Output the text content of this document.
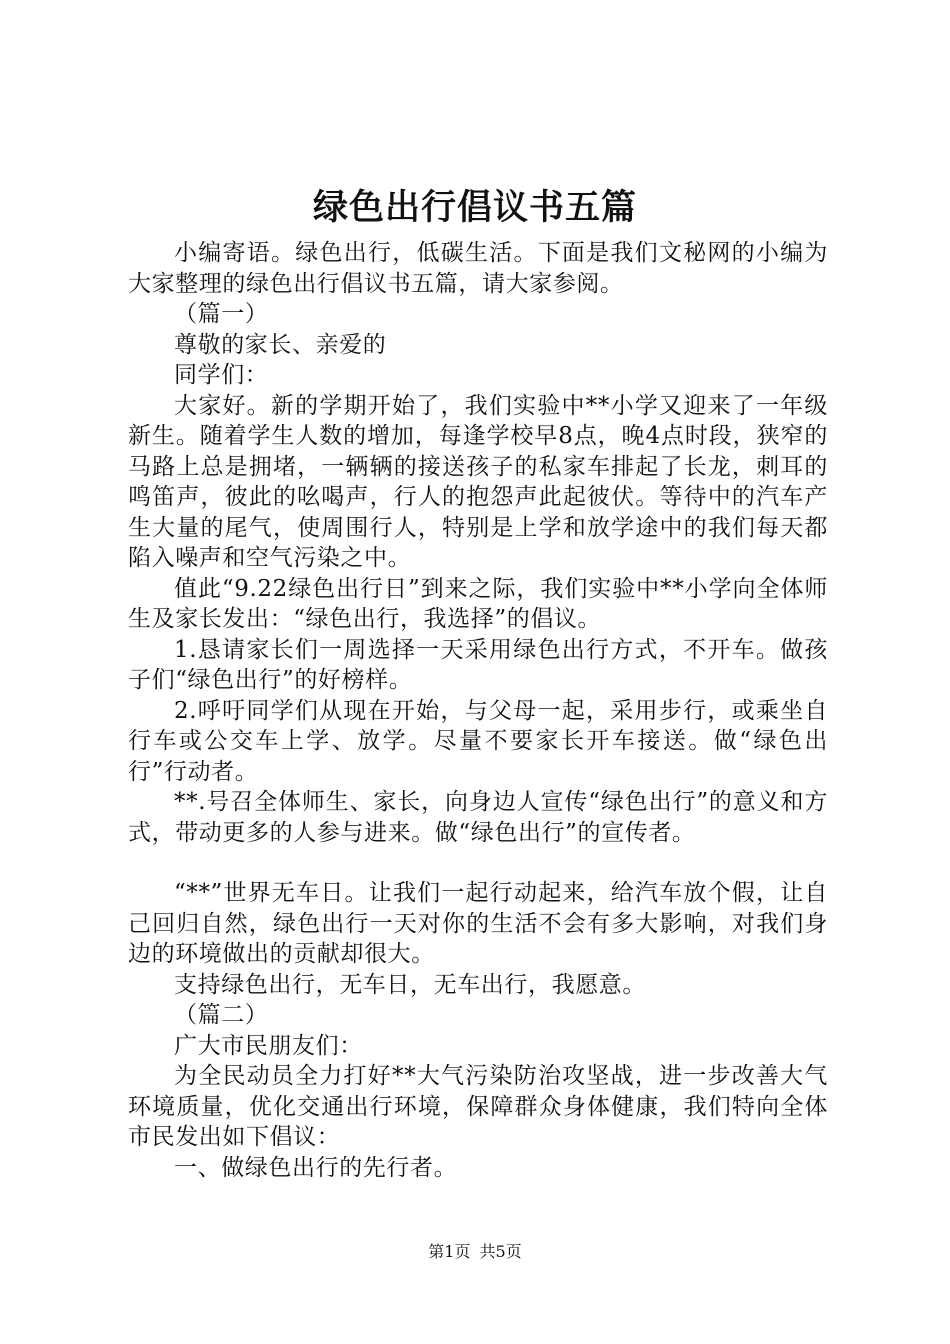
绿色出行倡议书五篇

小编寄语。绿色出行，低碳生活。下面是我们文秘网的小编为大家整理的绿色出行倡议书五篇，请大家参阅。

（篇一）

尊敬的家长、亲爱的

同学们：

大家好。新的学期开始了，我们实验中**小学又迎来了一年级新生。随着学生人数的增加，每逢学校早8点，晚4点时段，狭窄的马路上总是拥堵，一辆辆的接送孩子的私家车排起了长龙，刺耳的鸣笛声，彼此的吆喝声，行人的抱怨声此起彼伏。等待中的汽车产生大量的尾气，使周围行人，特别是上学和放学途中的我们每天都陷入噪声和空气污染之中。

值此“9.22绿色出行日”到来之际，我们实验中**小学向全体师生及家长发出：“绿色出行，我选择”的倡议。

1.恳请家长们一周选择一天采用绿色出行方式，不开车。做孩子们“绿色出行”的好榜样。

2.呼吁同学们从现在开始，与父母一起，采用步行，或乘坐自行车或公交车上学、放学。尽量不要家长开车接送。做“绿色出行”行动者。

**.号召全体师生、家长，向身边人宣传“绿色出行”的意义和方式，带动更多的人参与进来。做“绿色出行”的宣传者。

“**”世界无车日。让我们一起行动起来，给汽车放个假，让自己回归自然，绿色出行一天对你的生活不会有多大影响，对我们身边的环境做出的贡献却很大。

支持绿色出行，无车日，无车出行，我愿意。

（篇二）

广大市民朋友们：

为全民动员全力打好**大气污染防治攻坚战，进一步改善大气环境质量，优化交通出行环境，保障群众身体健康，我们特向全体市民发出如下倡议：

一、做绿色出行的先行者。

第1页 共5页
